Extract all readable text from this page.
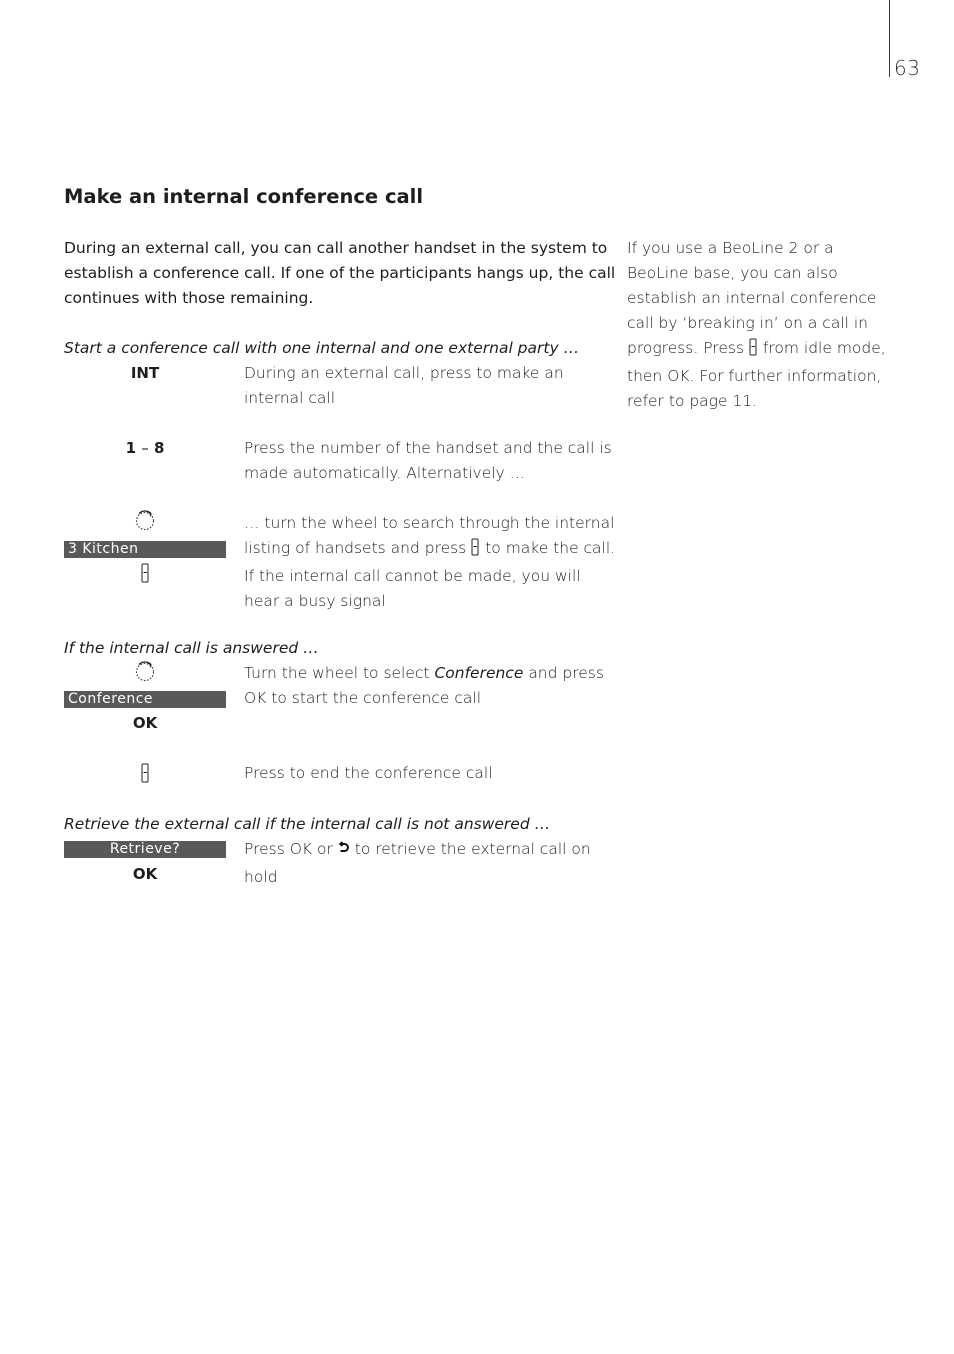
63
Make an internal conference call
During an external call, you can call another handset in the system to establish a conference call. If one of the participants hangs up, the call continues with those remaining.
If you use a BeoLine 2 or a BeoLine base, you can also establish an internal conference call by ‘breaking in’ on a call in progress. Press from idle mode, then OK. For further information, refer to page 11.
Start a conference call with one internal and one external party …
INT	During an external call, press to make an internal call
1 – 8	Press the number of the handset and the call is made automatically. Alternatively …
3 Kitchen
… turn the wheel to search through the internal listing of handsets and press to make the call. If the internal call cannot be made, you will hear a busy signal
If the internal call is answered …
Conference
OK
Turn the wheel to select Conference and press OK to start the conference call
Press to end the conference call
Retrieve the external call if the internal call is not answered …
Retrieve?
OK
Press OK or to retrieve the external call on hold
